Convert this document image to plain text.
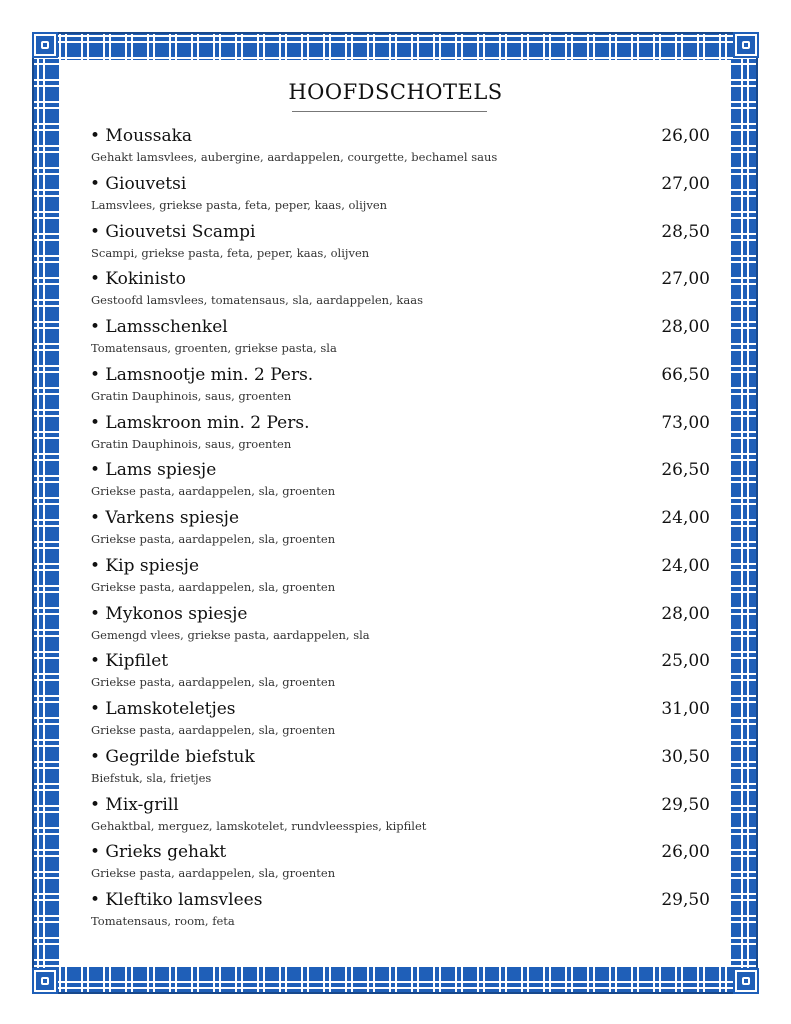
HOOFDSCHOTELS
• Moussaka	26,00
Gehakt lamsvlees, aubergine, aardappelen, courgette, bechamel saus
• Giouvetsi	27,00
Lamsvlees, griekse pasta, feta, peper, kaas, olijven
• Giouvetsi Scampi	28,50
Scampi, griekse pasta, feta, peper, kaas, olijven
• Kokinisto	27,00
Gestoofd lamsvlees, tomatensaus, sla, aardappelen, kaas
• Lamsschenkel	28,00
Tomatensaus, groenten, griekse pasta, sla
• Lamsnootje min. 2 Pers.	66,50
Gratin Dauphinois, saus, groenten
• Lamskroon min. 2 Pers.	73,00
Gratin Dauphinois, saus, groenten
• Lams spiesje	26,50
Griekse pasta, aardappelen, sla, groenten
• Varkens spiesje	24,00
Griekse pasta, aardappelen, sla, groenten
• Kip spiesje	24,00
Griekse pasta, aardappelen, sla, groenten
• Mykonos spiesje	28,00
Gemengd vlees, griekse pasta, aardappelen, sla
• Kipfilet	25,00
Griekse pasta, aardappelen, sla, groenten
• Lamskoteletjes	31,00
Griekse pasta, aardappelen, sla, groenten
• Gegrilde biefstuk	30,50
Biefstuk, sla, frietjes
• Mix-grill	29,50
Gehaktbal, merguez, lamskotelet, rundvleesspies, kipfilet
• Grieks gehakt	26,00
Griekse pasta, aardappelen, sla, groenten
• Kleftiko lamsvlees	29,50
Tomatensaus, room, feta
